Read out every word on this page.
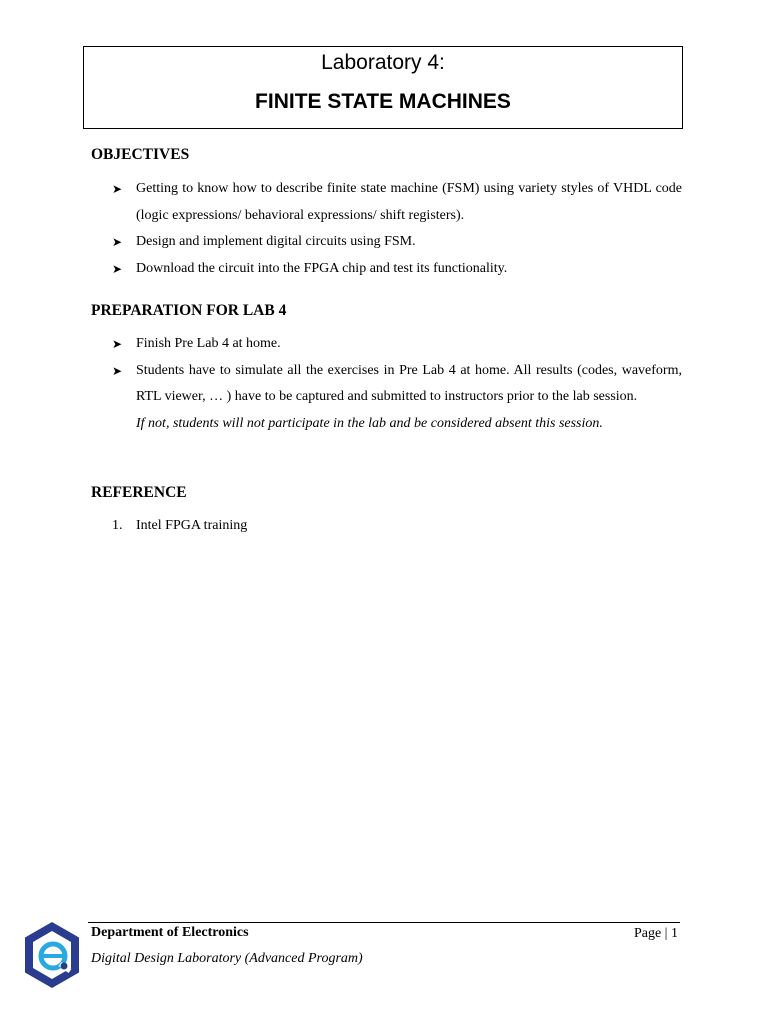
Laboratory 4:
FINITE STATE MACHINES
OBJECTIVES
➤ Getting to know how to describe finite state machine (FSM) using variety styles of VHDL code (logic expressions/ behavioral expressions/ shift registers).
➤ Design and implement digital circuits using FSM.
➤ Download the circuit into the FPGA chip and test its functionality.
PREPARATION FOR LAB 4
➤ Finish Pre Lab 4 at home.
➤ Students have to simulate all the exercises in Pre Lab 4 at home. All results (codes, waveform, RTL viewer, … ) have to be captured and submitted to instructors prior to the lab session.
If not, students will not participate in the lab and be considered absent this session.
REFERENCE
1. Intel FPGA training
Department of Electronics	Page | 1
Digital Design Laboratory (Advanced Program)
